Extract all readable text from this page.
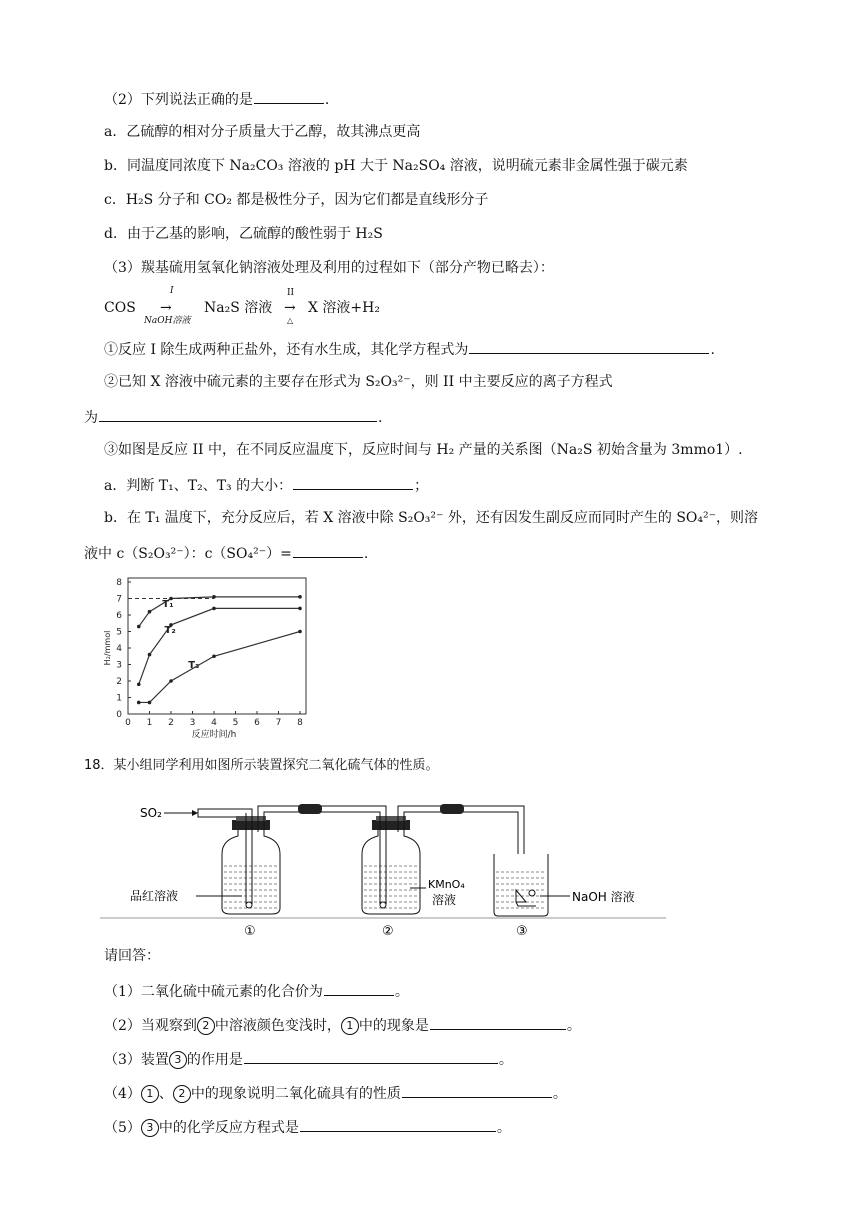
（2）下列说法正确的是	.
a．乙硫醇的相对分子质量大于乙醇，故其沸点更高
b．同温度同浓度下 Na₂CO₃ 溶液的 pH 大于 Na₂SO₄ 溶液，说明硫元素非金属性强于碳元素
c．H₂S 分子和 CO₂ 都是极性分子，因为它们都是直线形分子
d．由于乙基的影响，乙硫醇的酸性弱于 H₂S
（3）羰基硫用氢氧化钠溶液处理及利用的过程如下（部分产物已略去）：
COS
I
→
NaOH溶液
Na₂S 溶液
II
→
△
X 溶液+H₂
①反应 I 除生成两种正盐外，还有水生成，其化学方程式为	.
②已知 X 溶液中硫元素的主要存在形式为 S₂O₃²⁻，则 II 中主要反应的离子方程式
为	.
③如图是反应 II 中，在不同反应温度下，反应时间与 H₂ 产量的关系图（Na₂S 初始含量为 3mmo1）.
a．判断 T₁、T₂、T₃ 的大小：	；
b．在 T₁ 温度下，充分反应后，若 X 溶液中除 S₂O₃²⁻ 外，还有因发生副反应而同时产生的 SO₄²⁻，则溶
液中 c（S₂O₃²⁻）：c（SO₄²⁻）=	.
0
1
2
3
4
5
6
7
8
0 1 2 3 4 5 6 7 8
反应时间/h
H₂/mmol
T₁
T₂
T₃
18．某小组同学利用如图所示装置探究二氧化硫气体的性质。
SO₂
品红溶液
KMnO₄
溶液	NaOH 溶液
①	②	③
请回答：
（1）二氧化硫中硫元素的化合价为	。
（2）当观察到 2 中溶液颜色变浅时， 1 中的现象是	。
（3）装置 3 的作用是	。
（4） 1 、 2 中的现象说明二氧化硫具有的性质	。
（5） 3 中的化学反应方程式是	。
